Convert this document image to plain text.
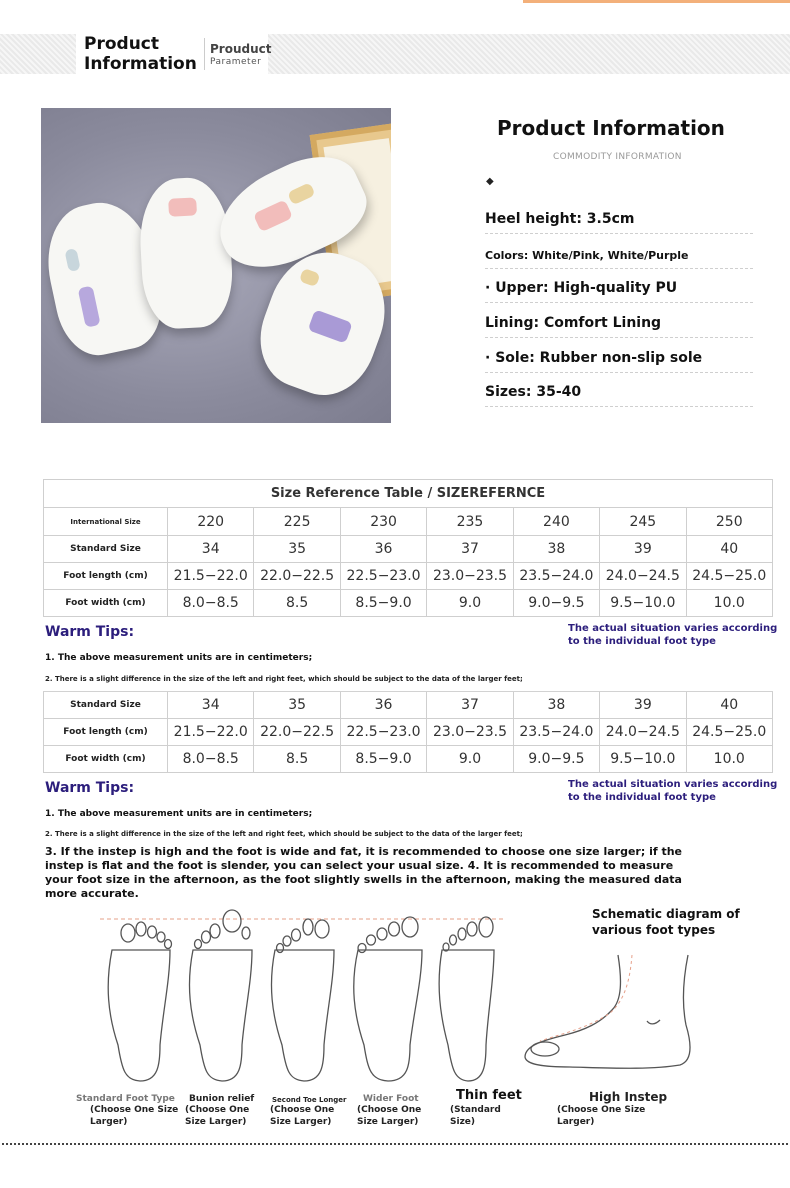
Product Information
Prouduct
Parameter
Product Information
COMMODITY INFORMATION
◆
Heel height: 3.5cm
Colors: White/Pink, White/Purple
· Upper: High-quality PU
Lining: Comfort Lining
· Sole: Rubber non-slip sole
Sizes: 35-40
Size Reference Table / SIZEREFERNCE							
International Size	220	225	230	235	240	245	250
Standard Size	34	35	36	37	38	39	40
Foot length (cm)	21.5−22.0	22.0−22.5	22.5−23.0	23.0−23.5	23.5−24.0	24.0−24.5	24.5−25.0
Foot width (cm)	8.0−8.5	8.5	8.5−9.0	9.0	9.0−9.5	9.5−10.0	10.0
Warm Tips:	The actual situation varies according to the individual foot type
1. The above measurement units are in centimeters;
2. There is a slight difference in the size of the left and right feet, which should be subject to the data of the larger feet;
Standard Size	34	35	36	37	38	39	40
Foot length (cm)	21.5−22.0	22.0−22.5	22.5−23.0	23.0−23.5	23.5−24.0	24.0−24.5	24.5−25.0
Foot width (cm)	8.0−8.5	8.5	8.5−9.0	9.0	9.0−9.5	9.5−10.0	10.0
Warm Tips:	The actual situation varies according to the individual foot type
1. The above measurement units are in centimeters;
2. There is a slight difference in the size of the left and right feet, which should be subject to the data of the larger feet;
3. If the instep is high and the foot is wide and fat, it is recommended to choose one size larger; if the instep is flat and the foot is slender, you can select your usual size. 4. It is recommended to measure your foot size in the afternoon, as the foot slightly swells in the afternoon, making the measured data more accurate.
Schematic diagram of various foot types
Standard Foot Type
(Choose One Size Larger)
Bunion relief
(Choose One Size Larger)
Second Toe Longer
(Choose One Size Larger)
Wider Foot
(Choose One Size Larger)
Thin feet
(Standard Size)
High Instep
(Choose One Size Larger)
